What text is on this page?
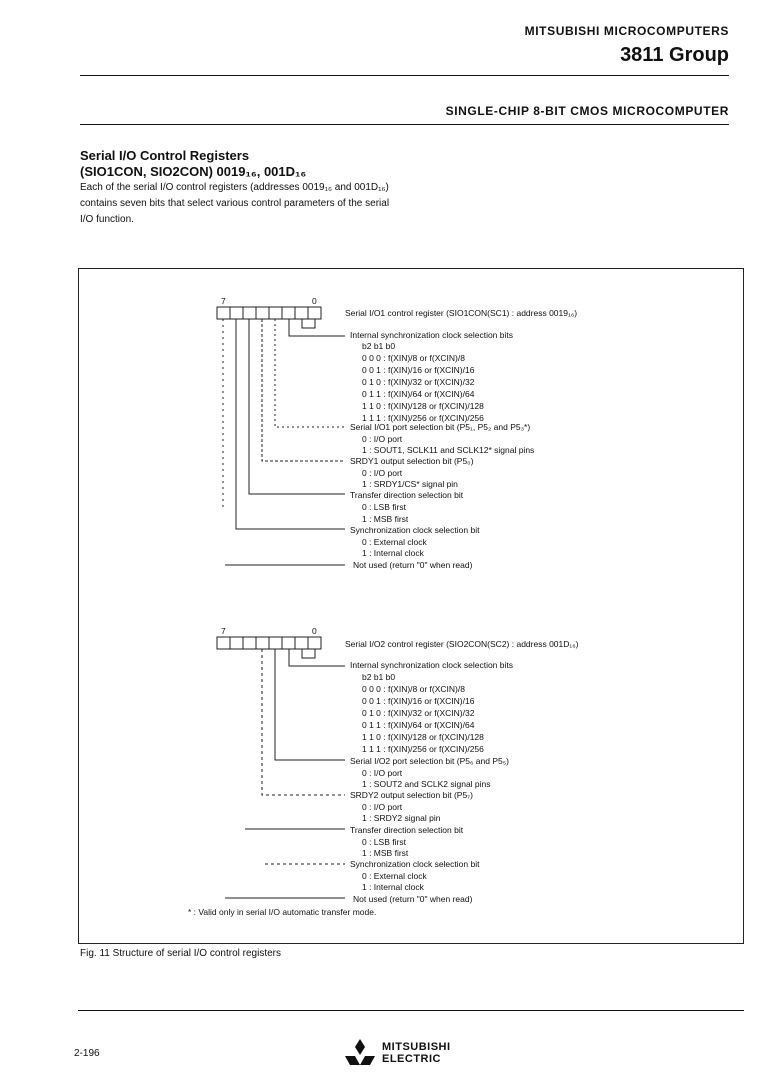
MITSUBISHI MICROCOMPUTERS
3811 Group
SINGLE-CHIP 8-BIT CMOS MICROCOMPUTER
Serial I/O Control Registers
(SIO1CON, SIO2CON) 0019₁₆, 001D₁₆
Each of the serial I/O control registers (addresses 0019₁₆ and 001D₁₆) contains seven bits that select various control parameters of the serial I/O function.
7	0
Serial I/O1 control register (SIO1CON(SC1) : address 0019₁₆)
Internal synchronization clock selection bits
b2 b1 b0
0 0 0 : f(XIN)/8 or f(XCIN)/8
0 0 1 : f(XIN)/16 or f(XCIN)/16
0 1 0 : f(XIN)/32 or f(XCIN)/32
0 1 1 : f(XIN)/64 or f(XCIN)/64
1 1 0 : f(XIN)/128 or f(XCIN)/128
1 1 1 : f(XIN)/256 or f(XCIN)/256
Serial I/O1 port selection bit (P5₁, P5₂ and P5₃*)
0 : I/O port
1 : SOUT1, SCLK11 and SCLK12* signal pins
SRDY1 output selection bit (P5₀)
0 : I/O port
1 : SRDY1/CS* signal pin
Transfer direction selection bit
0 : LSB first
1 : MSB first
Synchronization clock selection bit
0 : External clock
1 : Internal clock
Not used (return "0" when read)
7	0
Serial I/O2 control register (SIO2CON(SC2) : address 001D₁₆)
Internal synchronization clock selection bits
b2 b1 b0
0 0 0 : f(XIN)/8 or f(XCIN)/8
0 0 1 : f(XIN)/16 or f(XCIN)/16
0 1 0 : f(XIN)/32 or f(XCIN)/32
0 1 1 : f(XIN)/64 or f(XCIN)/64
1 1 0 : f(XIN)/128 or f(XCIN)/128
1 1 1 : f(XIN)/256 or f(XCIN)/256
Serial I/O2 port selection bit (P5₆ and P5₅)
0 : I/O port
1 : SOUT2 and SCLK2 signal pins
SRDY2 output selection bit (P5₇)
0 : I/O port
1 : SRDY2 signal pin
Transfer direction selection bit
0 : LSB first
1 : MSB first
Synchronization clock selection bit
0 : External clock
1 : Internal clock
Not used (return "0" when read)
* : Valid only in serial I/O automatic transfer mode.
Fig. 11 Structure of serial I/O control registers
2-196
MITSUBISHI
ELECTRIC
